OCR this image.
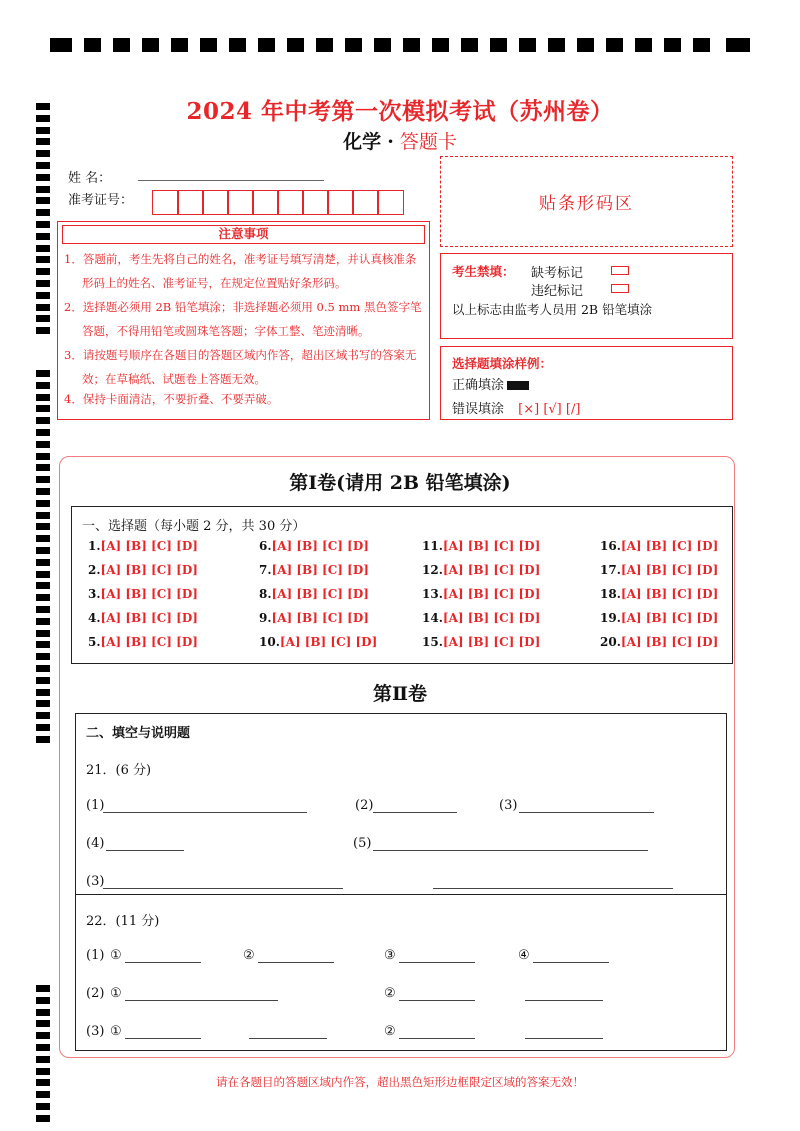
2024 年中考第一次模拟考试（苏州卷）
化学 · 答题卡
姓 名：
准考证号：	贴条形码区
注意事项
1．答题前，考生先将自己的姓名，准考证号填写清楚，并认真核准条
形码上的姓名、准考证号，在规定位置贴好条形码。
2．选择题必须用 2B 铅笔填涂；非选择题必须用 0.5 mm 黑色签字笔
答题，不得用铅笔或圆珠笔答题；字体工整、笔迹清晰。
3．请按题号顺序在各题目的答题区域内作答，超出区域书写的答案无
效；在草稿纸、试题卷上答题无效。
4．保持卡面清洁，不要折叠、不要弄破。
考生禁填： 缺考标记
违纪标记
以上标志由监考人员用 2B 铅笔填涂
选择题填涂样例：
正确填涂
错误填涂 [×] [√] [/]
第Ⅰ卷(请用 2B 铅笔填涂)
一、选择题（每小题 2 分，共 30 分）
1.[A] [B] [C] [D]
2.[A] [B] [C] [D]
3.[A] [B] [C] [D]
4.[A] [B] [C] [D]
5.[A] [B] [C] [D]
6.[A] [B] [C] [D]
7.[A] [B] [C] [D]
8.[A] [B] [C] [D]
9.[A] [B] [C] [D]
10.[A] [B] [C] [D]
11.[A] [B] [C] [D]
12.[A] [B] [C] [D]
13.[A] [B] [C] [D]
14.[A] [B] [C] [D]
15.[A] [B] [C] [D]
16.[A] [B] [C] [D]
17.[A] [B] [C] [D]
18.[A] [B] [C] [D]
19.[A] [B] [C] [D]
20.[A] [B] [C] [D]
第Ⅱ卷
二、填空与说明题
21．(6 分)
(1)	(2)	(3)
(4)	(5)
(3)
22．(11 分)
(1) ①	②	③	④
(2) ①	②
(3) ①	②
请在各题目的答题区域内作答，超出黑色矩形边框限定区域的答案无效！
